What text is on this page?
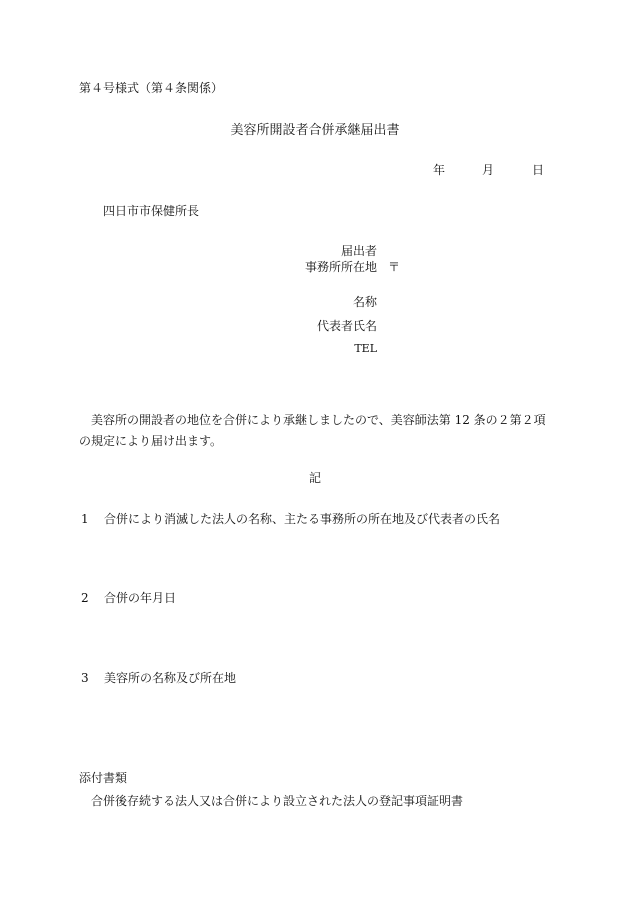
第４号様式（第４条関係）
美容所開設者合併承継届出書
年	月	日
四日市市保健所長
届出者
事務所所在地 〒
名称
代表者氏名
TEL
美容所の開設者の地位を合併により承継しましたので、美容師法第 12 条の２第２項
の規定により届け出ます。
記
1 合併により消滅した法人の名称、主たる事務所の所在地及び代表者の氏名
2 合併の年月日
3 美容所の名称及び所在地
添付書類
合併後存続する法人又は合併により設立された法人の登記事項証明書
